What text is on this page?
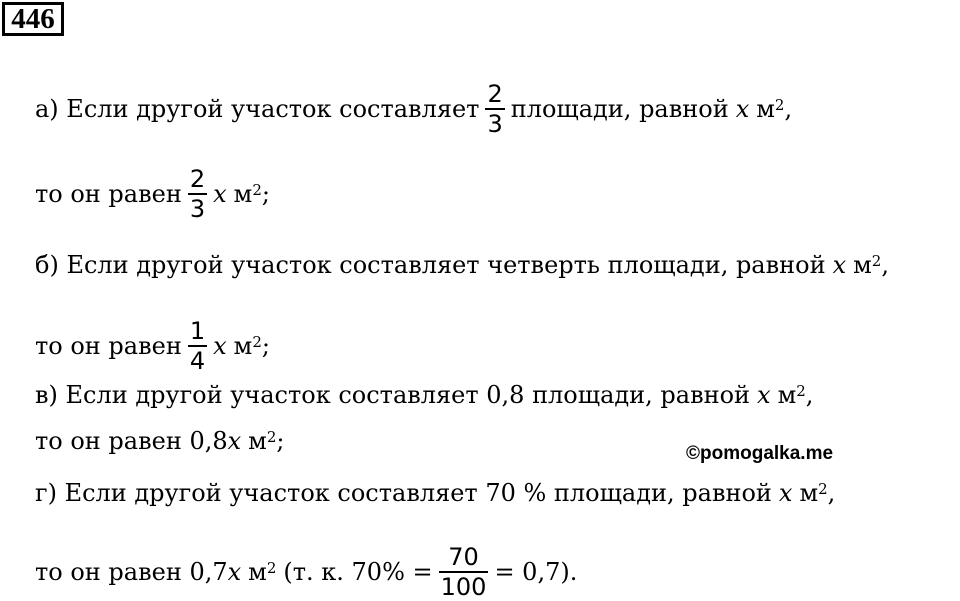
446
а) Если другой участок составляет $\frac{2}{3}$ площади, равной x $м^2$ ,
то он равен $\frac{2}{3}$ x $м^2$ ;
б) Если другой участок составляет четверть площади, равной x $м^2$ ,
то он равен $\frac{1}{4}$ x $м^2$ ;
в) Если другой участок составляет 0,8 площади, равной x $м^2$ ,
то он равен 0,8 x $м^2$ ;	©pomogalka.me
г) Если другой участок составляет 70 % площади, равной x $м^2$ ,
то он равен 0,7 x $м^2$ (т. к. $70\% = \frac{70}{100} = 0,7$).
